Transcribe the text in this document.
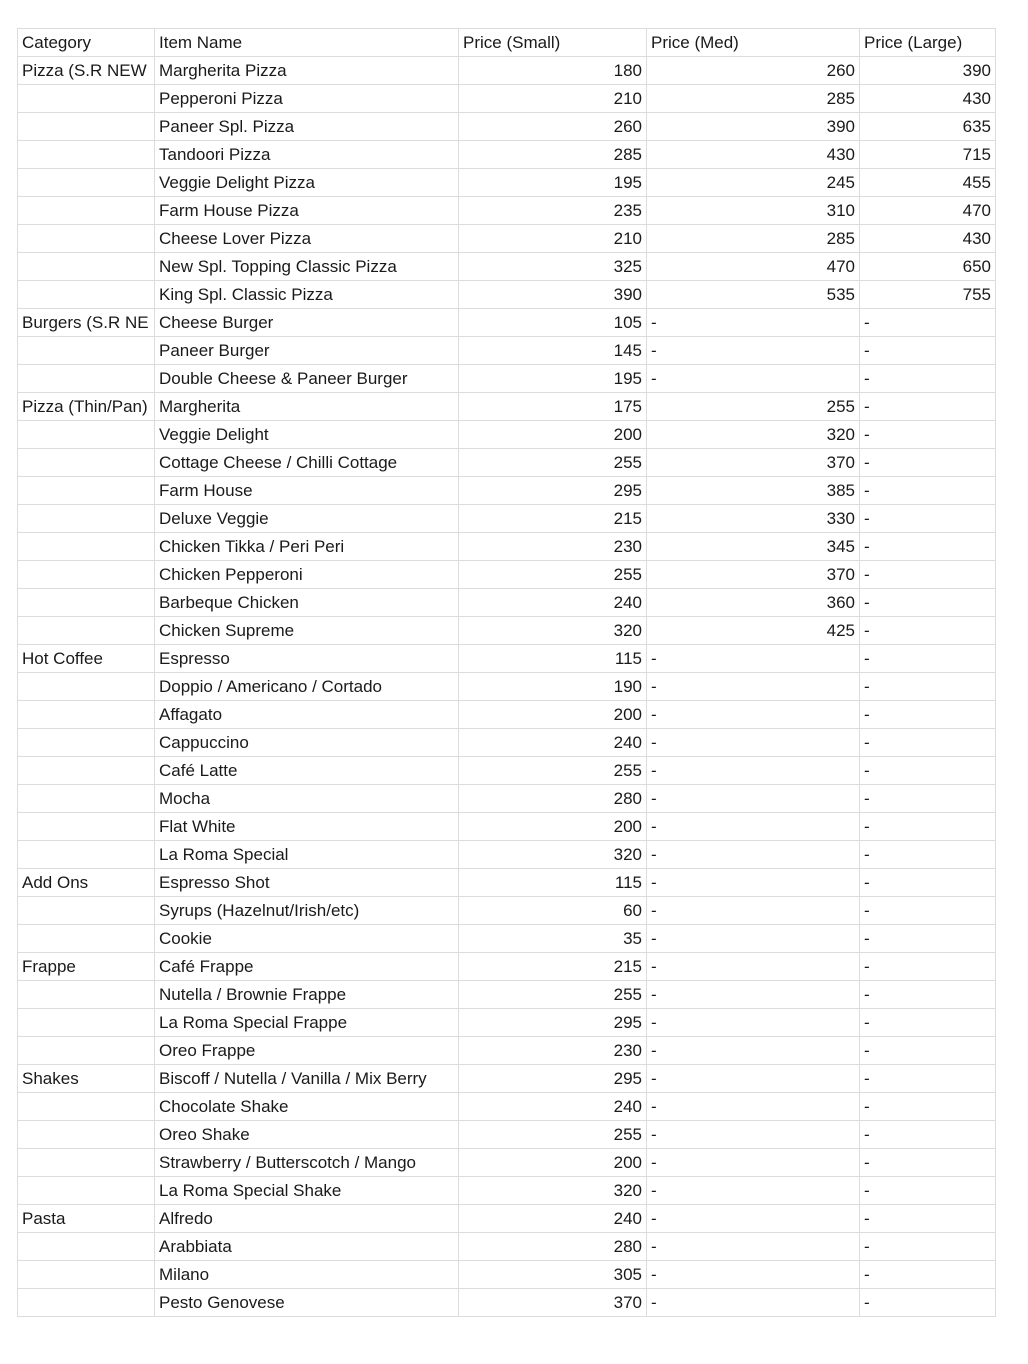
Category	Item Name	Price (Small)	Price (Med)	Price (Large)
Pizza (S.R NEW	Margherita Pizza	180	260	390
	Pepperoni Pizza	210	285	430
	Paneer Spl. Pizza	260	390	635
	Tandoori Pizza	285	430	715
	Veggie Delight Pizza	195	245	455
	Farm House Pizza	235	310	470
	Cheese Lover Pizza	210	285	430
	New Spl. Topping Classic Pizza	325	470	650
	King Spl. Classic Pizza	390	535	755
Burgers (S.R NE	Cheese Burger	105	-	-
	Paneer Burger	145	-	-
	Double Cheese & Paneer Burger	195	-	-
Pizza (Thin/Pan)	Margherita	175	255	-
	Veggie Delight	200	320	-
	Cottage Cheese / Chilli Cottage	255	370	-
	Farm House	295	385	-
	Deluxe Veggie	215	330	-
	Chicken Tikka / Peri Peri	230	345	-
	Chicken Pepperoni	255	370	-
	Barbeque Chicken	240	360	-
	Chicken Supreme	320	425	-
Hot Coffee	Espresso	115	-	-
	Doppio / Americano / Cortado	190	-	-
	Affagato	200	-	-
	Cappuccino	240	-	-
	Café Latte	255	-	-
	Mocha	280	-	-
	Flat White	200	-	-
	La Roma Special	320	-	-
Add Ons	Espresso Shot	115	-	-
	Syrups (Hazelnut/Irish/etc)	60	-	-
	Cookie	35	-	-
Frappe	Café Frappe	215	-	-
	Nutella / Brownie Frappe	255	-	-
	La Roma Special Frappe	295	-	-
	Oreo Frappe	230	-	-
Shakes	Biscoff / Nutella / Vanilla / Mix Berry	295	-	-
	Chocolate Shake	240	-	-
	Oreo Shake	255	-	-
	Strawberry / Butterscotch / Mango	200	-	-
	La Roma Special Shake	320	-	-
Pasta	Alfredo	240	-	-
	Arabbiata	280	-	-
	Milano	305	-	-
	Pesto Genovese	370	-	-
